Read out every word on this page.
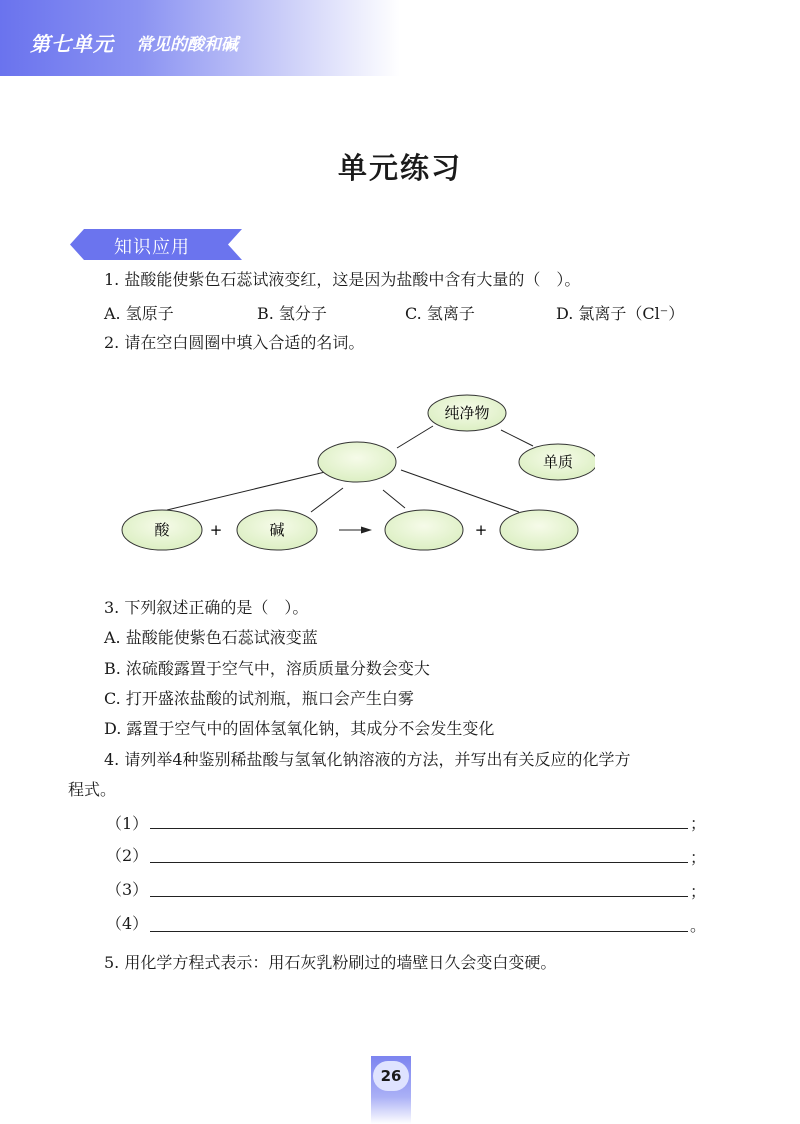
第七单元 常见的酸和碱
单元练习
知识应用
1. 盐酸能使紫色石蕊试液变红，这是因为盐酸中含有大量的（　）。
A. 氢原子	B. 氢分子	C. 氢离子	D. 氯离子（Cl⁻）
2. 请在空白圆圈中填入合适的名词。
纯净物
单质
酸	+	碱	+
3. 下列叙述正确的是（　）。
A. 盐酸能使紫色石蕊试液变蓝
B. 浓硫酸露置于空气中，溶质质量分数会变大
C. 打开盛浓盐酸的试剂瓶，瓶口会产生白雾
D. 露置于空气中的固体氢氧化钠，其成分不会发生变化
4. 请列举4种鉴别稀盐酸与氢氧化钠溶液的方法，并写出有关反应的化学方
程式。
（1）	；
（2）	；
（3）	；
（4）	。
5. 用化学方程式表示：用石灰乳粉刷过的墙壁日久会变白变硬。
26
